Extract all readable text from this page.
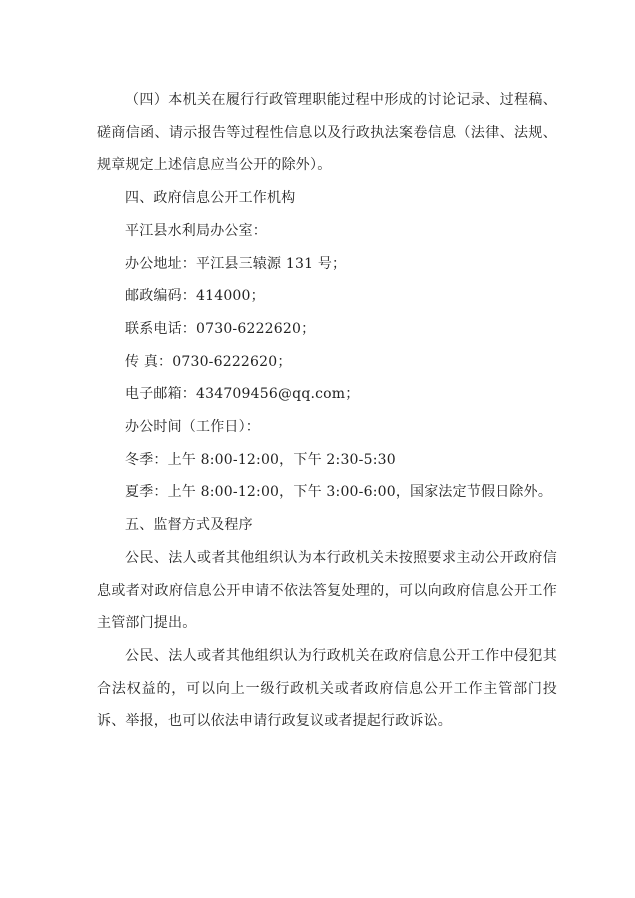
（四）本机关在履行行政管理职能过程中形成的讨论记录、过程稿、磋商信函、请示报告等过程性信息以及行政执法案卷信息（法律、法规、规章规定上述信息应当公开的除外）。

四、政府信息公开工作机构

平江县水利局办公室：

办公地址：平江县三辕源 131 号；

邮政编码：414000；

联系电话：0730-6222620；

传 真：0730-6222620；

电子邮箱：434709456@qq.com；

办公时间（工作日）：

冬季：上午 8:00-12:00，下午 2:30-5:30

夏季：上午 8:00-12:00，下午 3:00-6:00，国家法定节假日除外。

五、监督方式及程序

公民、法人或者其他组织认为本行政机关未按照要求主动公开政府信息或者对政府信息公开申请不依法答复处理的，可以向政府信息公开工作主管部门提出。

公民、法人或者其他组织认为行政机关在政府信息公开工作中侵犯其合法权益的，可以向上一级行政机关或者政府信息公开工作主管部门投诉、举报，也可以依法申请行政复议或者提起行政诉讼。
